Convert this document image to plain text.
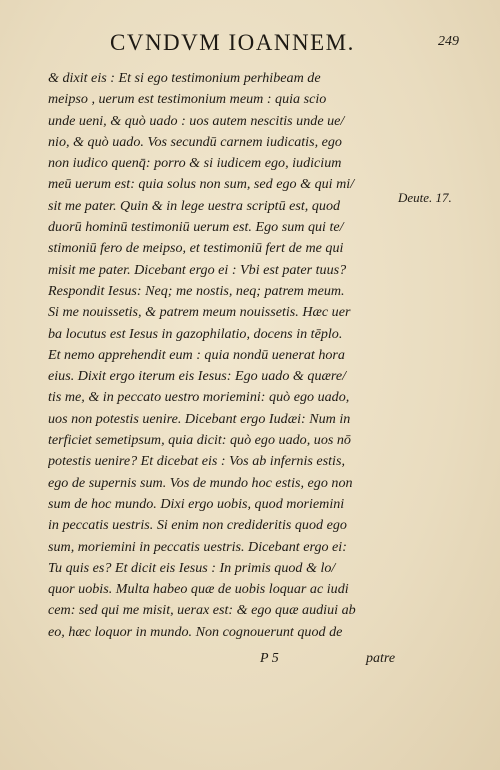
CVNDVM IOANNEM.	249
Deute. 17.
& dixit eis : Et si ego testimonium perhibeam de
meipso , uerum est testimonium meum : quia scio
unde ueni, & quò uado : uos autem nescitis unde ue/
nio, & quò uado. Vos secundū carnem iudicatis, ego
non iudico quenq̄: porro & si iudicem ego, iudicium
meū uerum est: quia solus non sum, sed ego & qui mi/
sit me pater. Quin & in lege uestra scriptū est, quod
duorū hominū testimoniū uerum est. Ego sum qui te/
stimoniū fero de meipso, et testimoniū fert de me qui
misit me pater. Dicebant ergo ei : Vbi est pater tuus?
Respondit Iesus: Neq; me nostis, neq; patrem meum.
Si me nouissetis, & patrem meum nouissetis. Hæc uer
ba locutus est Iesus in gazophilatio, docens in tēplo.
Et nemo apprehendit eum : quia nondū uenerat hora
eius. Dixit ergo iterum eis Iesus: Ego uado & quære/
tis me, & in peccato uestro moriemini: quò ego uado,
uos non potestis uenire. Dicebant ergo Iudæi: Num in
terficiet semetipsum, quia dicit: quò ego uado, uos nō
potestis uenire? Et dicebat eis : Vos ab infernis estis,
ego de supernis sum. Vos de mundo hoc estis, ego non
sum de hoc mundo. Dixi ergo uobis, quod moriemini
in peccatis uestris. Si enim non credideritis quod ego
sum, moriemini in peccatis uestris. Dicebant ergo ei:
Tu quis es? Et dicit eis Iesus : In primis quod & lo/
quor uobis. Multa habeo quæ de uobis loquar ac iudi
cem: sed qui me misit, uerax est: & ego quæ audiui ab
eo, hæc loquor in mundo. Non cognouerunt quod de
P 5	patre
